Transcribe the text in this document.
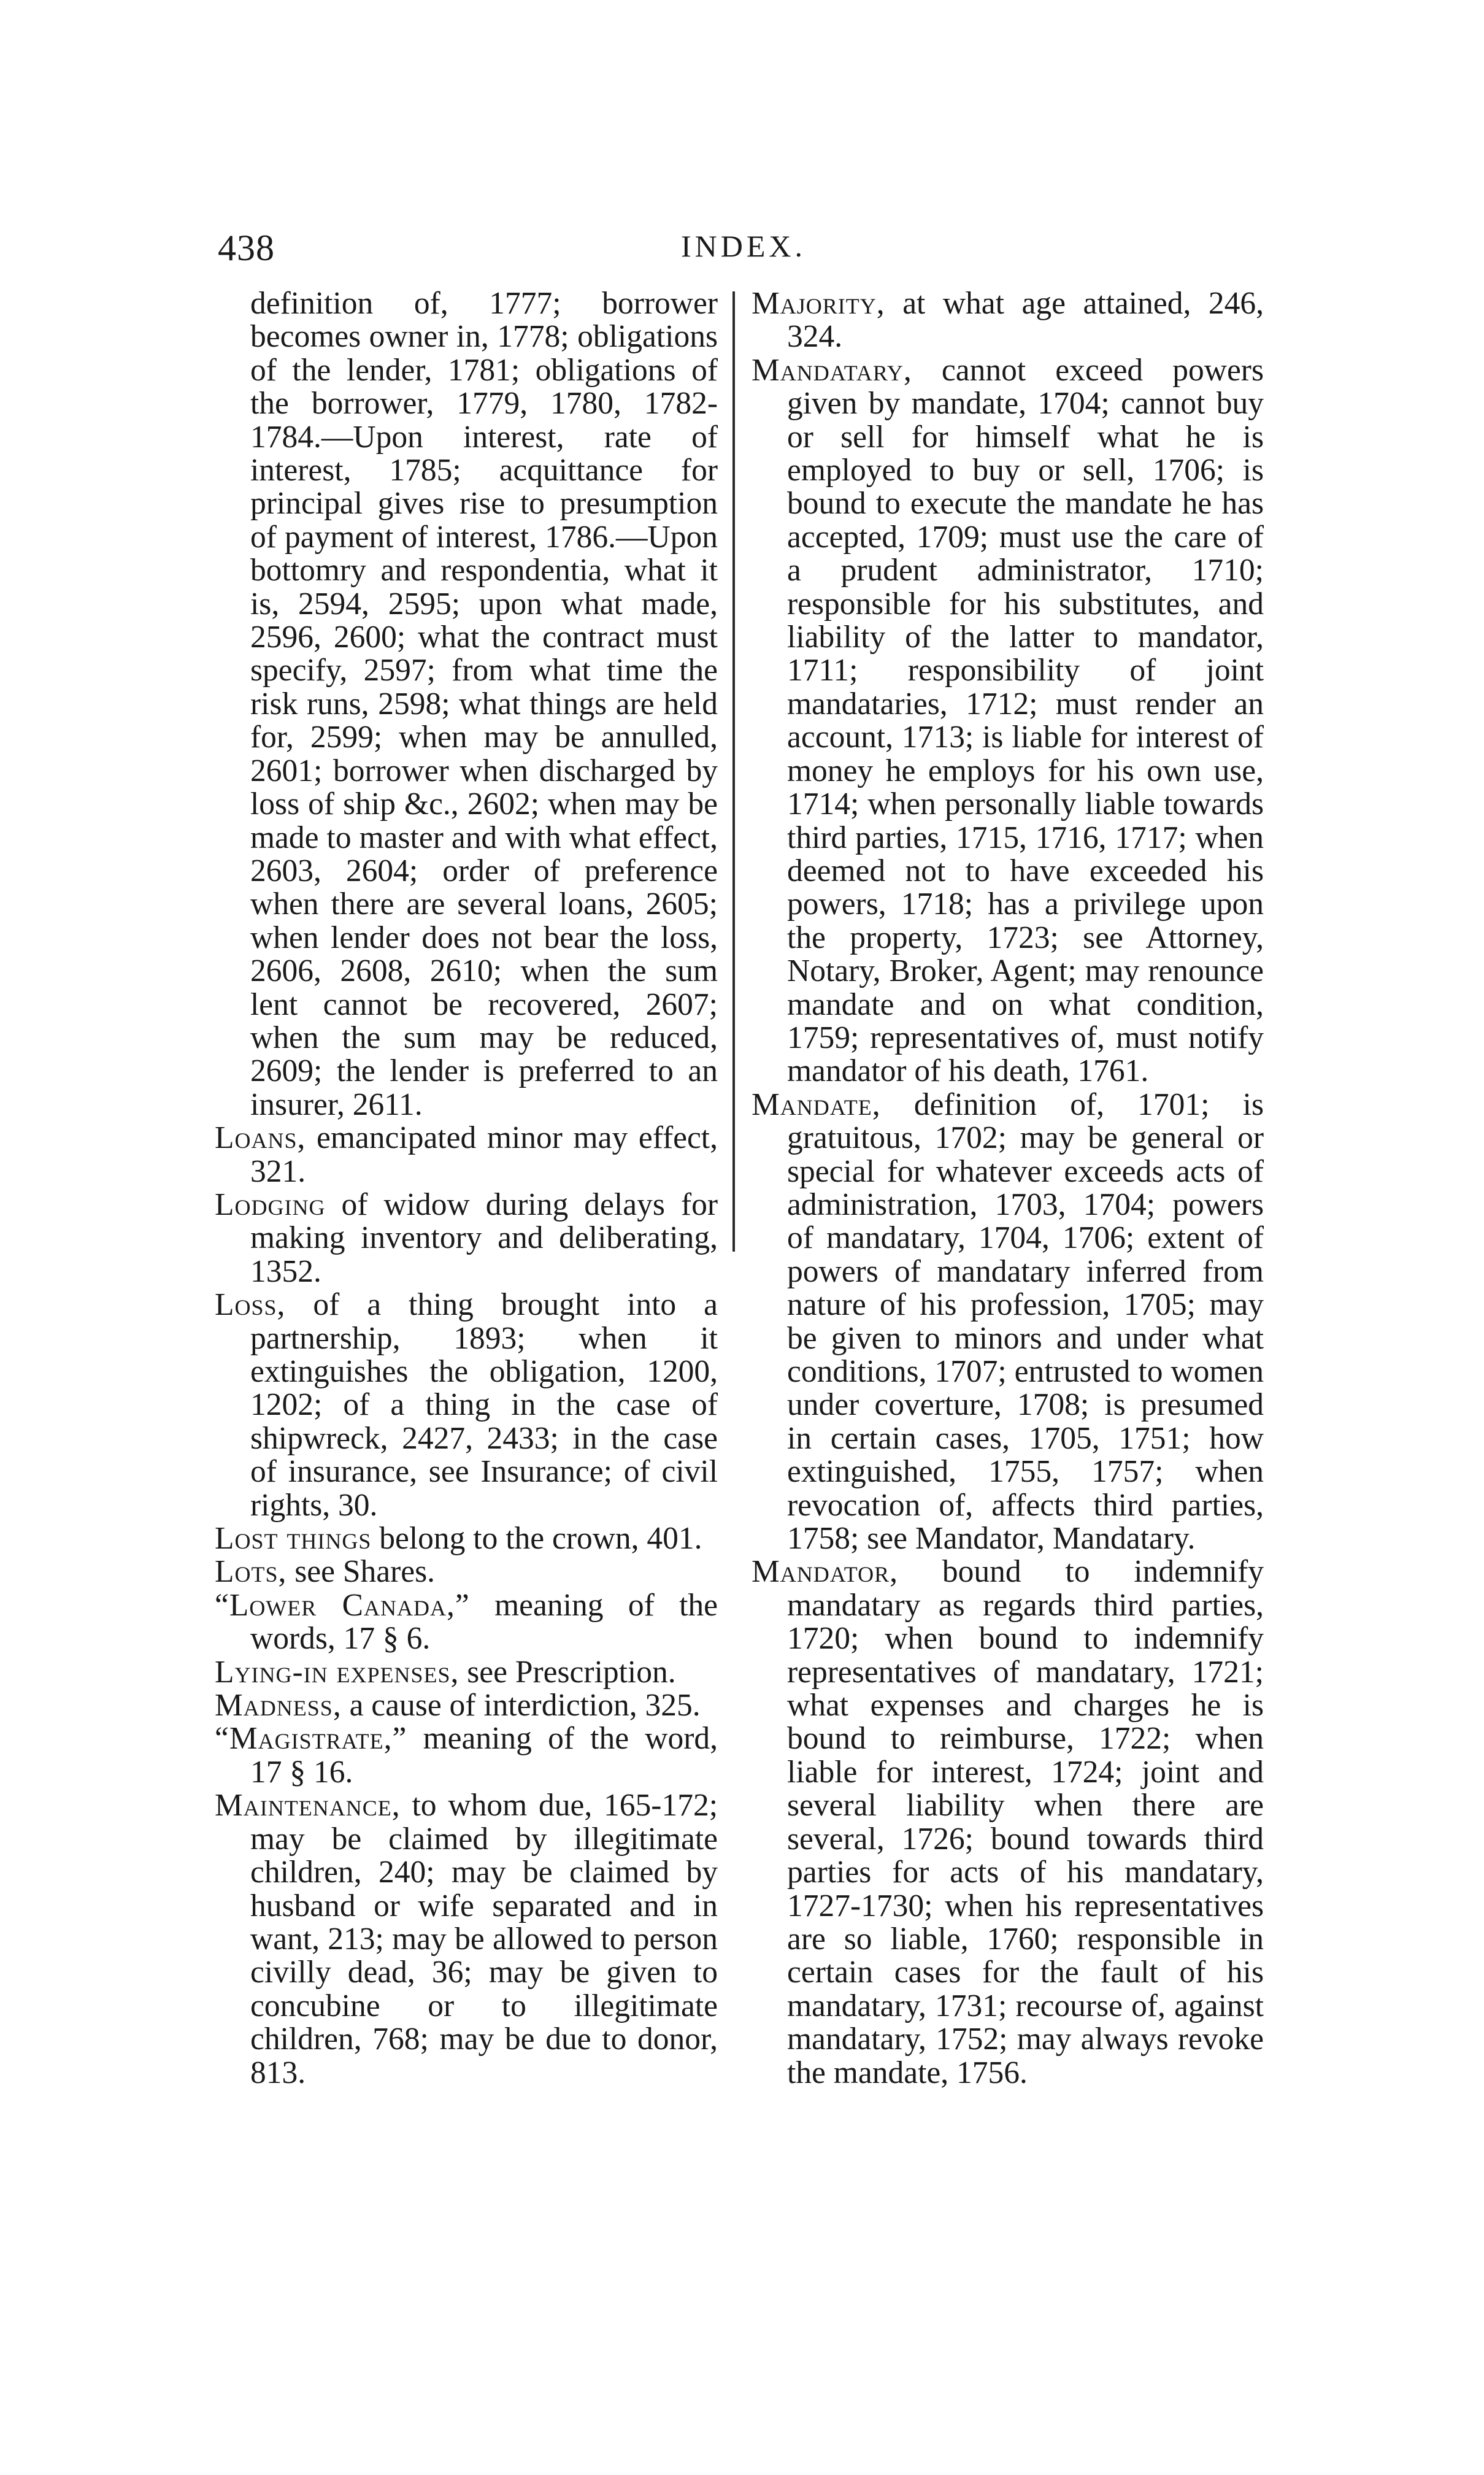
438	INDEX.

definition of, 1777; borrower becomes owner in, 1778; obligations of the lender, 1781; obligations of the borrower, 1779, 1780, 1782-1784.—Upon interest, rate of interest, 1785; acquittance for principal gives rise to presumption of payment of interest, 1786.—Upon bottomry and respondentia, what it is, 2594, 2595; upon what made, 2596, 2600; what the contract must specify, 2597; from what time the risk runs, 2598; what things are held for, 2599; when may be annulled, 2601; borrower when discharged by loss of ship &c., 2602; when may be made to master and with what effect, 2603, 2604; order of preference when there are several loans, 2605; when lender does not bear the loss, 2606, 2608, 2610; when the sum lent cannot be recovered, 2607; when the sum may be reduced, 2609; the lender is preferred to an insurer, 2611.

Loans, emancipated minor may effect, 321.

Lodging of widow during delays for making inventory and deliberating, 1352.

Loss, of a thing brought into a partnership, 1893; when it extinguishes the obligation, 1200, 1202; of a thing in the case of shipwreck, 2427, 2433; in the case of insurance, see Insurance; of civil rights, 30.

Lost things belong to the crown, 401.

Lots, see Shares.

“Lower Canada,” meaning of the words, 17 § 6.

Lying-in expenses, see Prescription.

Madness, a cause of interdiction, 325.

“Magistrate,” meaning of the word, 17 § 16.

Maintenance, to whom due, 165-172; may be claimed by illegitimate children, 240; may be claimed by husband or wife separated and in want, 213; may be allowed to person civilly dead, 36; may be given to concubine or to illegitimate children, 768; may be due to donor, 813.

Majority, at what age attained, 246, 324.

Mandatary, cannot exceed powers given by mandate, 1704; cannot buy or sell for himself what he is employed to buy or sell, 1706; is bound to execute the mandate he has accepted, 1709; must use the care of a prudent administrator, 1710; responsible for his substitutes, and liability of the latter to mandator, 1711; responsibility of joint mandataries, 1712; must render an account, 1713; is liable for interest of money he employs for his own use, 1714; when personally liable towards third parties, 1715, 1716, 1717; when deemed not to have exceeded his powers, 1718; has a privilege upon the property, 1723; see Attorney, Notary, Broker, Agent; may renounce mandate and on what condition, 1759; representatives of, must notify mandator of his death, 1761.

Mandate, definition of, 1701; is gratuitous, 1702; may be general or special for whatever exceeds acts of administration, 1703, 1704; powers of mandatary, 1704, 1706; extent of powers of mandatary inferred from nature of his profession, 1705; may be given to minors and under what conditions, 1707; entrusted to women under coverture, 1708; is presumed in certain cases, 1705, 1751; how extinguished, 1755, 1757; when revocation of, affects third parties, 1758; see Mandator, Mandatary.

Mandator, bound to indemnify mandatary as regards third parties, 1720; when bound to indemnify representatives of mandatary, 1721; what expenses and charges he is bound to reimburse, 1722; when liable for interest, 1724; joint and several liability when there are several, 1726; bound towards third parties for acts of his mandatary, 1727-1730; when his representatives are so liable, 1760; responsible in certain cases for the fault of his mandatary, 1731; recourse of, against mandatary, 1752; may always revoke the mandate, 1756.
